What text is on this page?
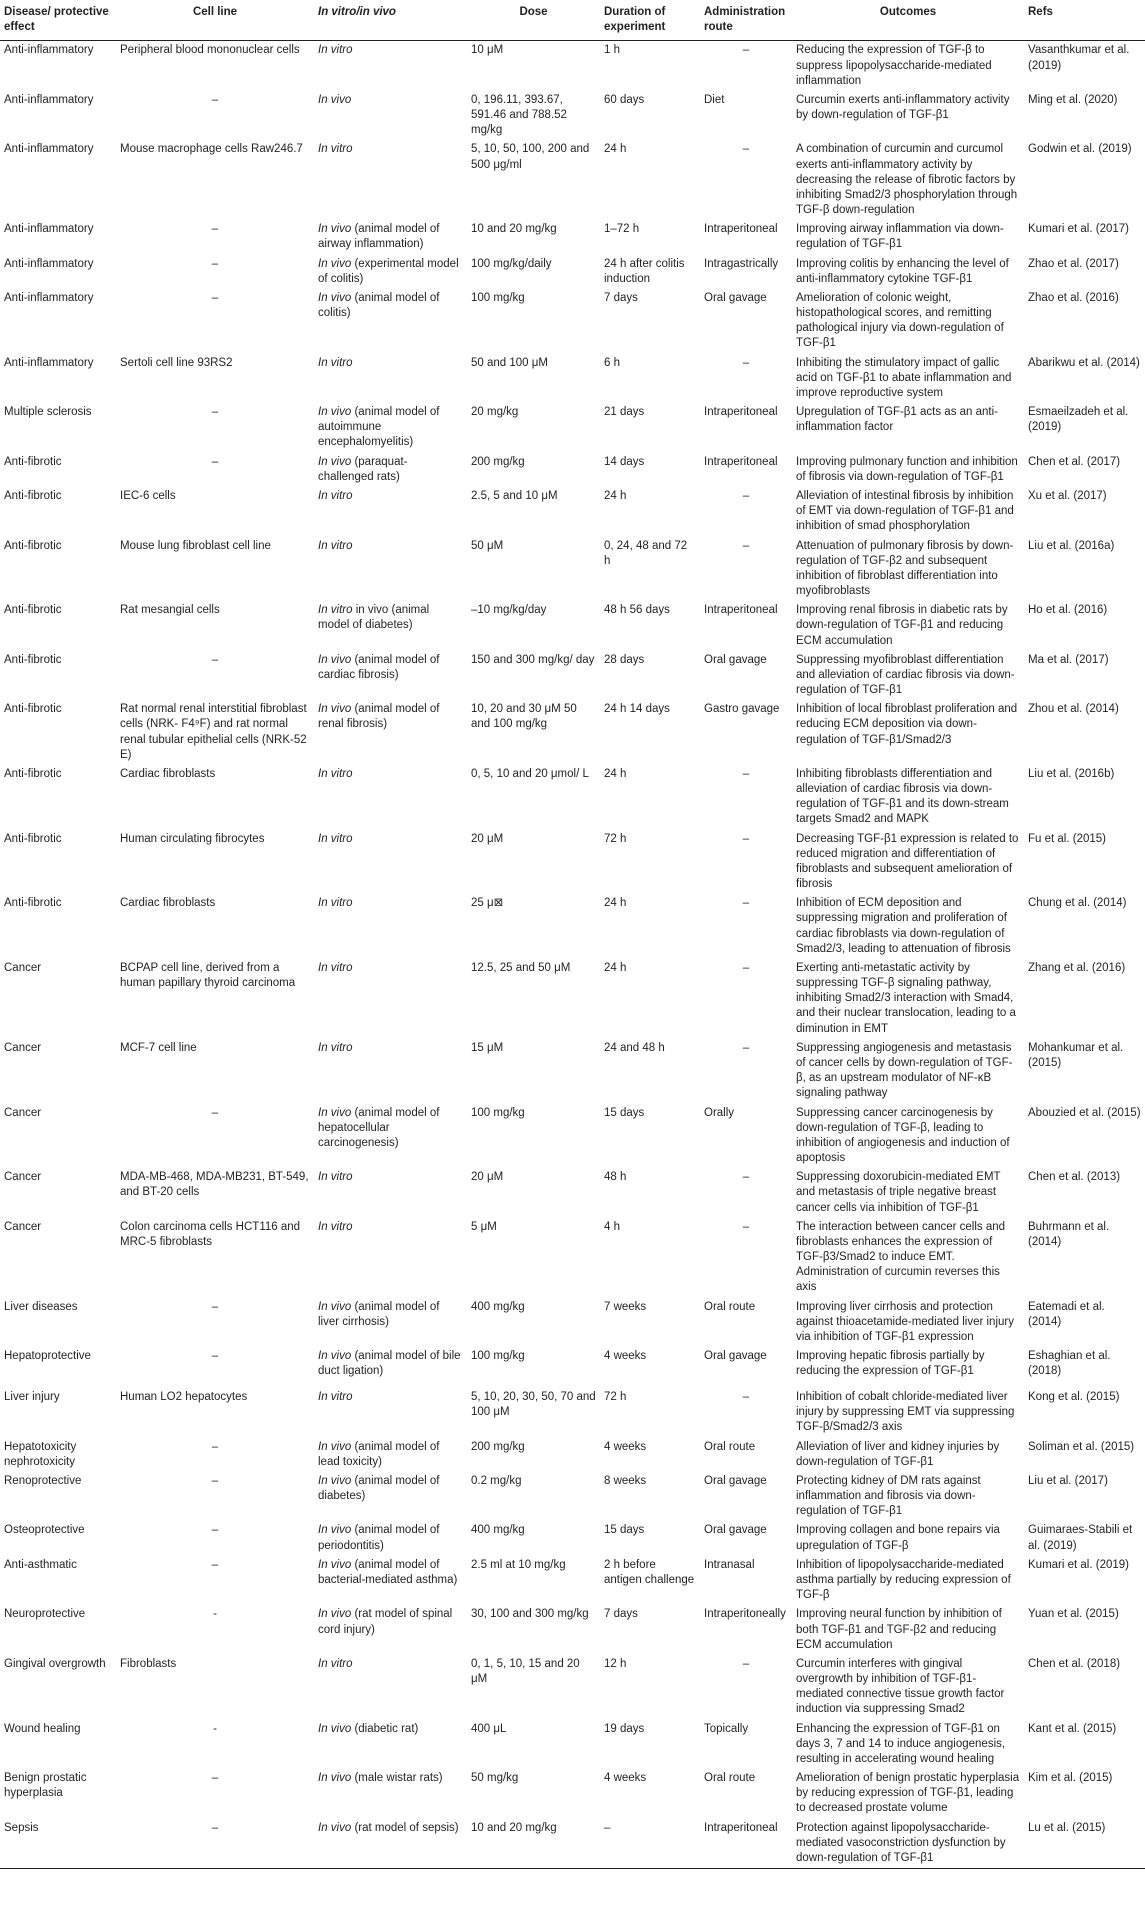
Disease/ protective effect	Cell line	In vitro/in vivo	Dose	Duration of experiment	Administration route	Outcomes	Refs
Anti-inflammatory	Peripheral blood mononuclear cells	In vitro	10 μM	1 h	–	Reducing the expression of TGF-β to suppress lipopolysaccharide-mediated inflammation	Vasanthkumar et al. (2019)
Anti-inflammatory	–	In vivo	0, 196.11, 393.67, 591.46 and 788.52 mg/kg	60 days	Diet	Curcumin exerts anti-inflammatory activity by down-regulation of TGF-β1	Ming et al. (2020)
Anti-inflammatory	Mouse macrophage cells Raw246.7	In vitro	5, 10, 50, 100, 200 and 500 μg/ml	24 h	–	A combination of curcumin and curcumol exerts anti-inflammatory activity by decreasing the release of fibrotic factors by inhibiting Smad2/3 phosphorylation through TGF-β down-regulation	Godwin et al. (2019)
Anti-inflammatory	–	In vivo (animal model of airway inflammation)	10 and 20 mg/kg	1–72 h	Intraperitoneal	Improving airway inflammation via down-regulation of TGF-β1	Kumari et al. (2017)
Anti-inflammatory	–	In vivo (experimental model of colitis)	100 mg/kg/daily	24 h after colitis induction	Intragastrically	Improving colitis by enhancing the level of anti-inflammatory cytokine TGF-β1	Zhao et al. (2017)
Anti-inflammatory	–	In vivo (animal model of colitis)	100 mg/kg	7 days	Oral gavage	Amelioration of colonic weight, histopathological scores, and remitting pathological injury via down-regulation of TGF-β1	Zhao et al. (2016)
Anti-inflammatory	Sertoli cell line 93RS2	In vitro	50 and 100 μM	6 h	–	Inhibiting the stimulatory impact of gallic acid on TGF-β1 to abate inflammation and improve reproductive system	Abarikwu et al. (2014)
Multiple sclerosis	–	In vivo (animal model of autoimmune encephalomyelitis)	20 mg/kg	21 days	Intraperitoneal	Upregulation of TGF-β1 acts as an anti-inflammation factor	Esmaeilzadeh et al. (2019)
Anti-fibrotic	–	In vivo (paraquat-challenged rats)	200 mg/kg	14 days	Intraperitoneal	Improving pulmonary function and inhibition of fibrosis via down-regulation of TGF-β1	Chen et al. (2017)
Anti-fibrotic	IEC-6 cells	In vitro	2.5, 5 and 10 μM	24 h	–	Alleviation of intestinal fibrosis by inhibition of EMT via down-regulation of TGF-β1 and inhibition of smad phosphorylation	Xu et al. (2017)
Anti-fibrotic	Mouse lung fibroblast cell line	In vitro	50 μM	0, 24, 48 and 72 h	–	Attenuation of pulmonary fibrosis by down-regulation of TGF-β2 and subsequent inhibition of fibroblast differentiation into myofibroblasts	Liu et al. (2016a)
Anti-fibrotic	Rat mesangial cells	In vitro in vivo (animal model of diabetes)	–10 mg/kg/day	48 h 56 days	Intraperitoneal	Improving renal fibrosis in diabetic rats by down-regulation of TGF-β1 and reducing ECM accumulation	Ho et al. (2016)
Anti-fibrotic	–	In vivo (animal model of cardiac fibrosis)	150 and 300 mg/kg/ day	28 days	Oral gavage	Suppressing myofibroblast differentiation and alleviation of cardiac fibrosis via down-regulation of TGF-β1	Ma et al. (2017)
Anti-fibrotic	Rat normal renal interstitial fibroblast cells (NRK- F4⁹F) and rat normal renal tubular epithelial cells (NRK-52 E)	In vivo (animal model of renal fibrosis)	10, 20 and 30 μM 50 and 100 mg/kg	24 h 14 days	Gastro gavage	Inhibition of local fibroblast proliferation and reducing ECM deposition via down-regulation of TGF-β1/Smad2/3	Zhou et al. (2014)
Anti-fibrotic	Cardiac fibroblasts	In vitro	0, 5, 10 and 20 μmol/ L	24 h	–	Inhibiting fibroblasts differentiation and alleviation of cardiac fibrosis via down-regulation of TGF-β1 and its down-stream targets Smad2 and MAPK	Liu et al. (2016b)
Anti-fibrotic	Human circulating fibrocytes	In vitro	20 μM	72 h	–	Decreasing TGF-β1 expression is related to reduced migration and differentiation of fibroblasts and subsequent amelioration of fibrosis	Fu et al. (2015)
Anti-fibrotic	Cardiac fibroblasts	In vitro	25 μ⊠	24 h	–	Inhibition of ECM deposition and suppressing migration and proliferation of cardiac fibroblasts via down-regulation of Smad2/3, leading to attenuation of fibrosis	Chung et al. (2014)
Cancer	BCPAP cell line, derived from a human papillary thyroid carcinoma	In vitro	12.5, 25 and 50 μM	24 h	–	Exerting anti-metastatic activity by suppressing TGF-β signaling pathway, inhibiting Smad2/3 interaction with Smad4, and their nuclear translocation, leading to a diminution in EMT	Zhang et al. (2016)
Cancer	MCF-7 cell line	In vitro	15 μM	24 and 48 h	–	Suppressing angiogenesis and metastasis of cancer cells by down-regulation of TGF-β, as an upstream modulator of NF-κB signaling pathway	Mohankumar et al. (2015)
Cancer	–	In vivo (animal model of hepatocellular carcinogenesis)	100 mg/kg	15 days	Orally	Suppressing cancer carcinogenesis by down-regulation of TGF-β, leading to inhibition of angiogenesis and induction of apoptosis	Abouzied et al. (2015)
Cancer	MDA-MB-468, MDA-MB231, BT-549, and BT-20 cells	In vitro	20 μM	48 h	–	Suppressing doxorubicin-mediated EMT and metastasis of triple negative breast cancer cells via inhibition of TGF-β1	Chen et al. (2013)
Cancer	Colon carcinoma cells HCT116 and MRC-5 fibroblasts	In vitro	5 μM	4 h	–	The interaction between cancer cells and fibroblasts enhances the expression of TGF-β3/Smad2 to induce EMT. Administration of curcumin reverses this axis	Buhrmann et al. (2014)
Liver diseases	–	In vivo (animal model of liver cirrhosis)	400 mg/kg	7 weeks	Oral route	Improving liver cirrhosis and protection against thioacetamide-mediated liver injury via inhibition of TGF-β1 expression	Eatemadi et al. (2014)
Hepatoprotective	–	In vivo (animal model of bile duct ligation)	100 mg/kg	4 weeks	Oral gavage	Improving hepatic fibrosis partially by reducing the expression of TGF-β1	Eshaghian et al. (2018)
Liver injury	Human LO2 hepatocytes	In vitro	5, 10, 20, 30, 50, 70 and 100 μM	72 h	–	Inhibition of cobalt chloride-mediated liver injury by suppressing EMT via suppressing TGF-β/Smad2/3 axis	Kong et al. (2015)
Hepatotoxicity nephrotoxicity	–	In vivo (animal model of lead toxicity)	200 mg/kg	4 weeks	Oral route	Alleviation of liver and kidney injuries by down-regulation of TGF-β1	Soliman et al. (2015)
Renoprotective	–	In vivo (animal model of diabetes)	0.2 mg/kg	8 weeks	Oral gavage	Protecting kidney of DM rats against inflammation and fibrosis via down-regulation of TGF-β1	Liu et al. (2017)
Osteoprotective	–	In vivo (animal model of periodontitis)	400 mg/kg	15 days	Oral gavage	Improving collagen and bone repairs via upregulation of TGF-β	Guimaraes-Stabili et al. (2019)
Anti-asthmatic	–	In vivo (animal model of bacterial-mediated asthma)	2.5 ml at 10 mg/kg	2 h before antigen challenge	Intranasal	Inhibition of lipopolysaccharide-mediated asthma partially by reducing expression of TGF-β	Kumari et al. (2019)
Neuroprotective	-	In vivo (rat model of spinal cord injury)	30, 100 and 300 mg/kg	7 days	Intraperitoneally	Improving neural function by inhibition of both TGF-β1 and TGF-β2 and reducing ECM accumulation	Yuan et al. (2015)
Gingival overgrowth	Fibroblasts	In vitro	0, 1, 5, 10, 15 and 20 μM	12 h	–	Curcumin interferes with gingival overgrowth by inhibition of TGF-β1-mediated connective tissue growth factor induction via suppressing Smad2	Chen et al. (2018)
Wound healing	-	In vivo (diabetic rat)	400 μL	19 days	Topically	Enhancing the expression of TGF-β1 on days 3, 7 and 14 to induce angiogenesis, resulting in accelerating wound healing	Kant et al. (2015)
Benign prostatic hyperplasia	–	In vivo (male wistar rats)	50 mg/kg	4 weeks	Oral route	Amelioration of benign prostatic hyperplasia by reducing expression of TGF-β1, leading to decreased prostate volume	Kim et al. (2015)
Sepsis	–	In vivo (rat model of sepsis)	10 and 20 mg/kg	–	Intraperitoneal	Protection against lipopolysaccharide-mediated vasoconstriction dysfunction by down-regulation of TGF-β1	Lu et al. (2015)
